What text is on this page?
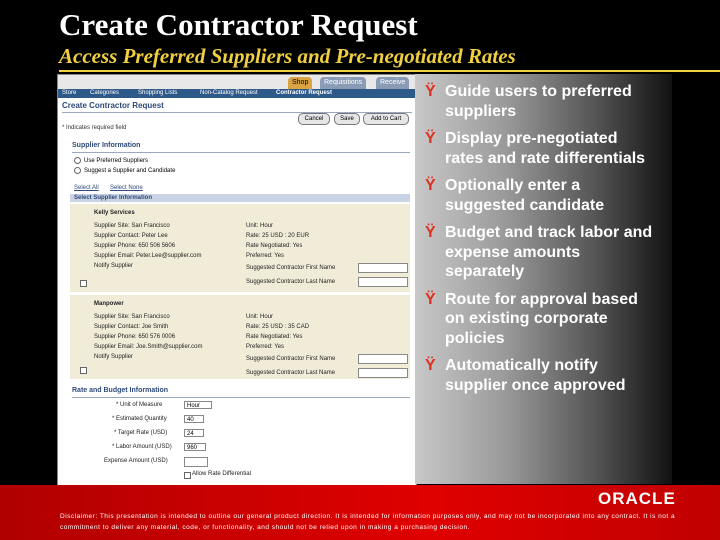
Create Contractor Request
Access Preferred Suppliers and Pre-negotiated Rates
Shop	Requisitions	Receive
Store Categories	Shopping Lists	Non-Catalog Request	Contractor Request
Create Contractor Request
* Indicates required field
Cancel	Save	Add to Cart
Supplier Information
Use Preferred Suppliers
Suggest a Supplier and Candidate
Select All Select None
Select Supplier Information
Kelly Services
Supplier Site: San Francisco
Supplier Contact: Peter Lee
Supplier Phone: 650 506 5606
Supplier Email: Peter.Lee@supplier.com
Notify Supplier
Unit: Hour
Rate: 25 USD : 20 EUR
Rate Negotiated: Yes
Preferred: Yes
Suggested Contractor First Name
Suggested Contractor Last Name
Manpower
Supplier Site: San Francisco
Supplier Contact: Joe Smith
Supplier Phone: 650 576 0006
Supplier Email: Joe.Smith@supplier.com
Notify Supplier
Unit: Hour
Rate: 25 USD : 35 CAD
Rate Negotiated: Yes
Preferred: Yes
Suggested Contractor First Name
Suggested Contractor Last Name
Rate and Budget Information
* Unit of Measure	Hour
* Estimated Quantity	40
* Target Rate (USD)	24
* Labor Amount (USD)	960
Expense Amount (USD)
Allow Rate Differential
Ÿ Guide users to preferred suppliers
Ÿ Display pre-negotiated rates and rate differentials
Ÿ Optionally enter a suggested candidate
Ÿ Budget and track labor and expense amounts separately
Ÿ Route for approval based on existing corporate policies
Ÿ Automatically notify supplier once approved
ORACLE
Disclaimer: This presentation is intended to outline our general product direction. It is intended for information purposes only, and may not be incorporated into any contract. It is not a commitment to deliver any material, code, or functionality, and should not be relied upon in making a purchasing decision.
